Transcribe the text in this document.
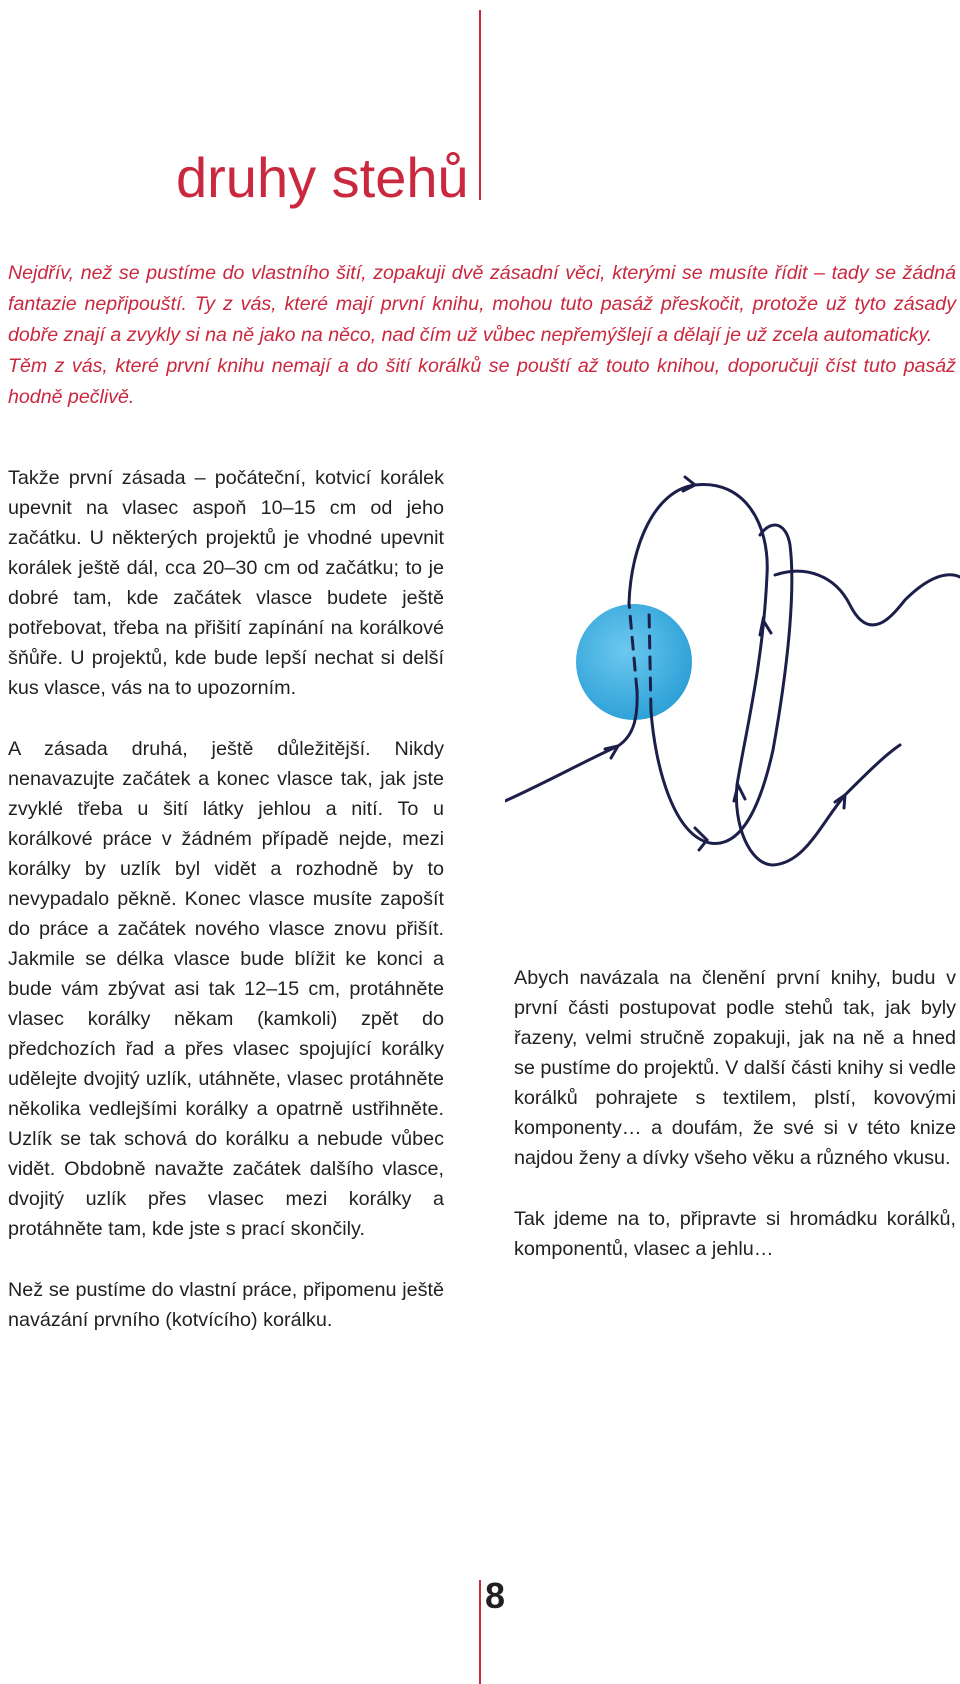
druhy stehů

Nejdřív, než se pustíme do vlastního šití, zopakuji dvě zásadní věci, kterými se musíte řídit – tady se žádná fantazie nepřipouští. Ty z vás, které mají první knihu, mohou tuto pasáž přeskočit, protože už tyto zásady dobře znají a zvykly si na ně jako na něco, nad čím už vůbec nepřemýšlejí a dělají je už zcela automaticky.

Těm z vás, které první knihu nemají a do šití korálků se pouští až touto knihou, doporučuji číst tuto pasáž hodně pečlivě.

Takže první zásada – počáteční, kotvicí korálek upevnit na vlasec aspoň 10–15 cm od jeho začátku. U některých projektů je vhodné upevnit korálek ještě dál, cca 20–30 cm od začátku; to je dobré tam, kde začátek vlasce budete ještě potřebovat, třeba na přišití zapínání na korálkové šňůře. U projektů, kde bude lepší nechat si delší kus vlasce, vás na to upozorním.

A zásada druhá, ještě důležitější. Nikdy nenavazujte začátek a konec vlasce tak, jak jste zvyklé třeba u šití látky jehlou a nití. To u korálkové práce v žádném případě nejde, mezi korálky by uzlík byl vidět a rozhodně by to nevypadalo pěkně. Konec vlasce musíte zapošít do práce a začátek nového vlasce znovu přišít. Jakmile se délka vlasce bude blížit ke konci a bude vám zbývat asi tak 12–15 cm, protáhněte vlasec korálky někam (kamkoli) zpět do předchozích řad a přes vlasec spojující korálky udělejte dvojitý uzlík, utáhněte, vlasec protáhněte několika vedlejšími korálky a opatrně ustřihněte. Uzlík se tak schová do korálku a nebude vůbec vidět. Obdobně navažte začátek dalšího vlasce, dvojitý uzlík přes vlasec mezi korálky a protáhněte tam, kde jste s prací skončily.

Než se pustíme do vlastní práce, připomenu ještě navázání prvního (kotvícího) korálku.

Abych navázala na členění první knihy, budu v první části postupovat podle stehů tak, jak byly řazeny, velmi stručně zopakuji, jak na ně a hned se pustíme do projektů. V další části knihy si vedle korálků pohrajete s textilem, plstí, kovovými komponenty… a doufám, že své si v této knize najdou ženy a dívky všeho věku a různého vkusu.

Tak jdeme na to, připravte si hromádku korálků, komponentů, vlasec a jehlu…

8
